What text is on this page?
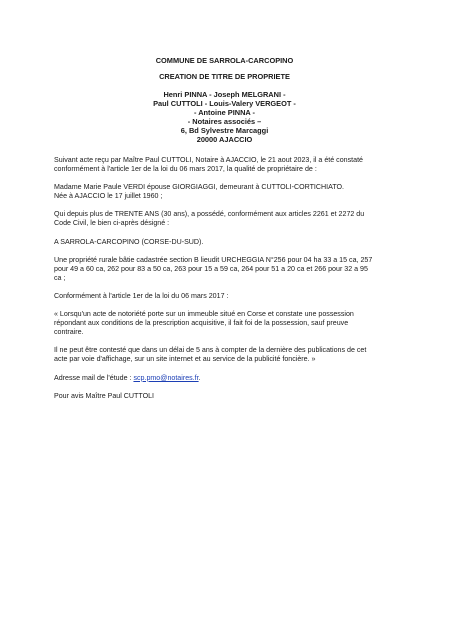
COMMUNE DE SARROLA-CARCOPINO
CREATION DE TITRE DE PROPRIETE
Henri PINNA - Joseph MELGRANI -
Paul CUTTOLI - Louis-Valery VERGEOT -
- Antoine PINNA -
- Notaires associés –
6, Bd Sylvestre Marcaggi
20000 AJACCIO

Suivant acte reçu par Maître Paul CUTTOLI, Notaire à AJACCIO, le 21 aout 2023, il a été constaté
conformément à l'article 1er de la loi du 06 mars 2017, la qualité de propriétaire de :

Madame Marie Paule VERDI épouse GIORGIAGGI, demeurant à CUTTOLI-CORTICHIATO.
Née à AJACCIO le 17 juillet 1960 ;

Qui depuis plus de TRENTE ANS (30 ans), a possédé, conformément aux articles 2261 et 2272 du
Code Civil, le bien ci-après désigné :

A SARROLA-CARCOPINO (CORSE-DU-SUD).

Une propriété rurale bâtie cadastrée section B lieudit URCHEGGIA N°256 pour 04 ha 33 a 15 ca, 257
pour 49 a 60 ca, 262 pour 83 a 50 ca, 263 pour 15 a 59 ca, 264 pour 51 a 20 ca et 266 pour 32 a 95
ca ;

Conformément à l'article 1er de la loi du 06 mars 2017 :

« Lorsqu'un acte de notoriété porte sur un immeuble situé en Corse et constate une possession
répondant aux conditions de la prescription acquisitive, il fait foi de la possession, sauf preuve
contraire.

Il ne peut être contesté que dans un délai de 5 ans à compter de la dernière des publications de cet
acte par voie d'affichage, sur un site internet et au service de la publicité foncière. »

Adresse mail de l'étude : scp.pmo@notaires.fr.

Pour avis Maître Paul CUTTOLI
